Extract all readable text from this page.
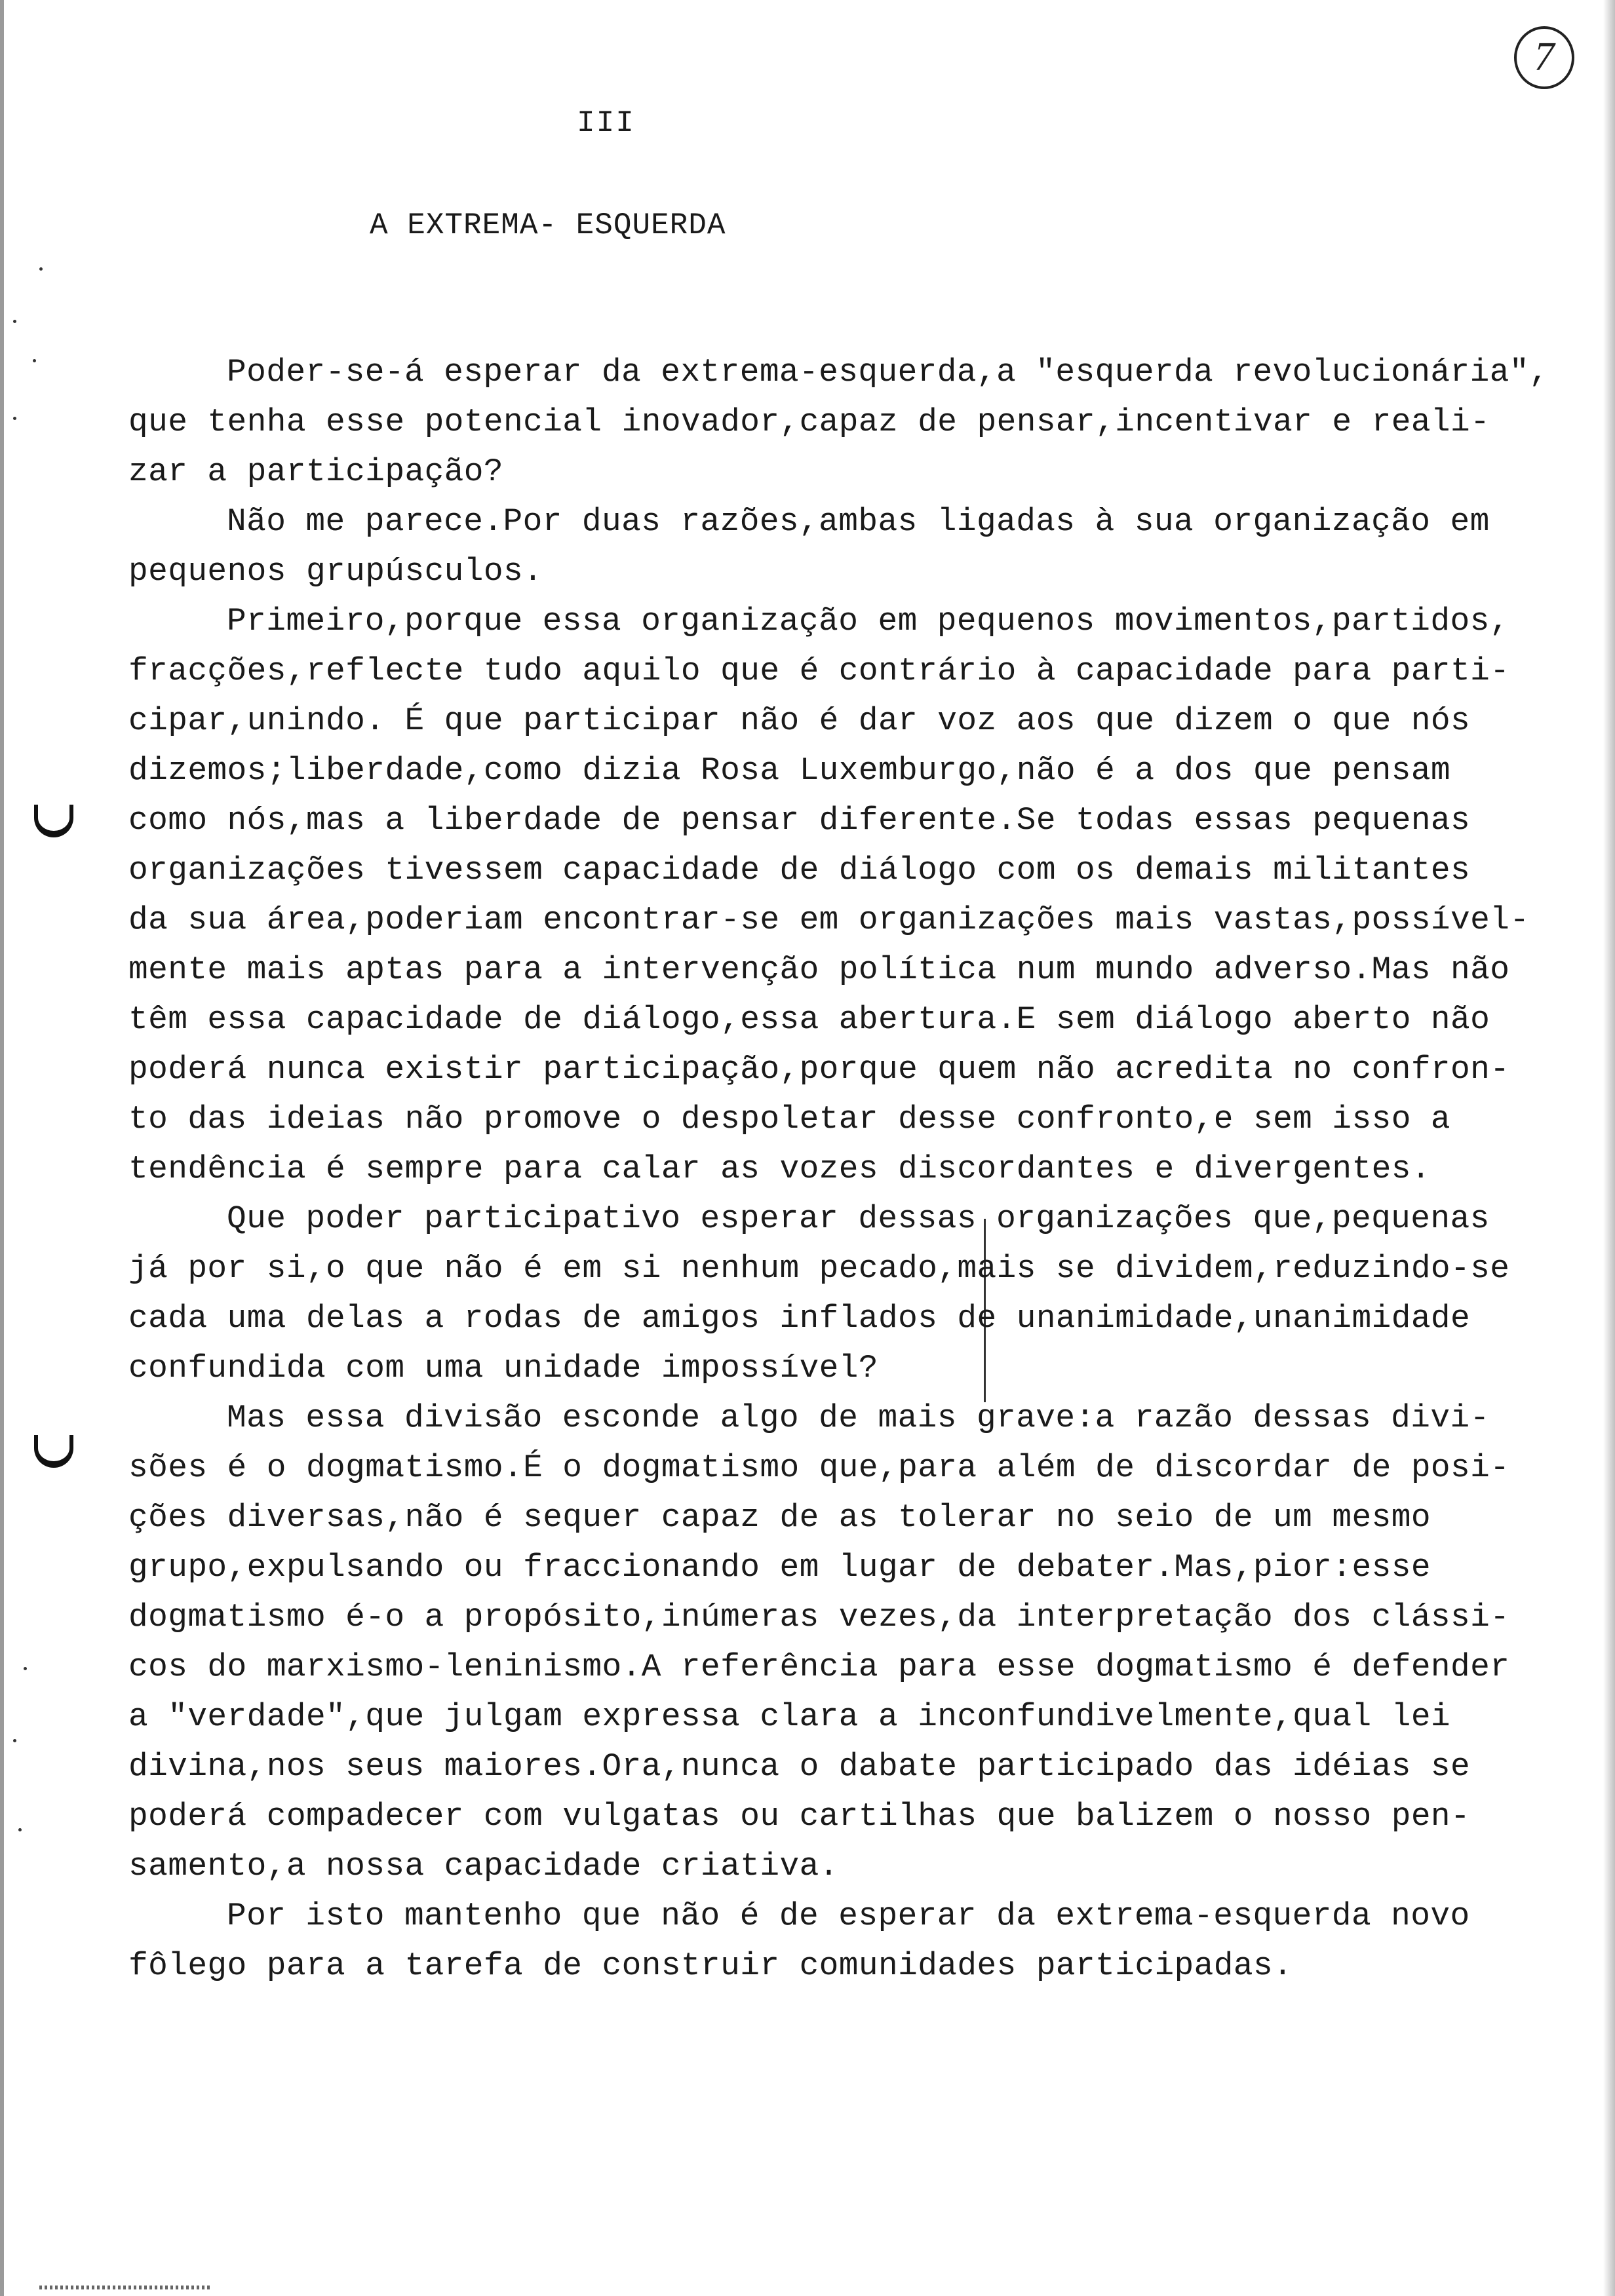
7
III
A EXTREMA- ESQUERDA
Poder-se-á esperar da extrema-esquerda,a "esquerda revolucionária",
que tenha esse potencial inovador,capaz de pensar,incentivar e reali-
zar a participação?
Não me parece.Por duas razões,ambas ligadas à sua organização em
pequenos grupúsculos.
Primeiro,porque essa organização em pequenos movimentos,partidos,
fracções,reflecte tudo aquilo que é contrário à capacidade para parti-
cipar,unindo. É que participar não é dar voz aos que dizem o que nós
dizemos;liberdade,como dizia Rosa Luxemburgo,não é a dos que pensam
como nós,mas a liberdade de pensar diferente.Se todas essas pequenas
organizações tivessem capacidade de diálogo com os demais militantes
da sua área,poderiam encontrar-se em organizações mais vastas,possível-
mente mais aptas para a intervenção política num mundo adverso.Mas não
têm essa capacidade de diálogo,essa abertura.E sem diálogo aberto não
poderá nunca existir participação,porque quem não acredita no confron-
to das ideias não promove o despoletar desse confronto,e sem isso a
tendência é sempre para calar as vozes discordantes e divergentes.
Que poder participativo esperar dessas organizações que,pequenas
já por si,o que não é em si nenhum pecado,mais se dividem,reduzindo-se
cada uma delas a rodas de amigos inflados de unanimidade,unanimidade
confundida com uma unidade impossível?
Mas essa divisão esconde algo de mais grave:a razão dessas divi-
sões é o dogmatismo.É o dogmatismo que,para além de discordar de posi-
ções diversas,não é sequer capaz de as tolerar no seio de um mesmo
grupo,expulsando ou fraccionando em lugar de debater.Mas,pior:esse
dogmatismo é-o a propósito,inúmeras vezes,da interpretação dos clássi-
cos do marxismo-leninismo.A referência para esse dogmatismo é defender
a "verdade",que julgam expressa clara a inconfundivelmente,qual lei
divina,nos seus maiores.Ora,nunca o dabate participado das idéias se
poderá compadecer com vulgatas ou cartilhas que balizem o nosso pen-
samento,a nossa capacidade criativa.
Por isto mantenho que não é de esperar da extrema-esquerda novo
fôlego para a tarefa de construir comunidades participadas.
